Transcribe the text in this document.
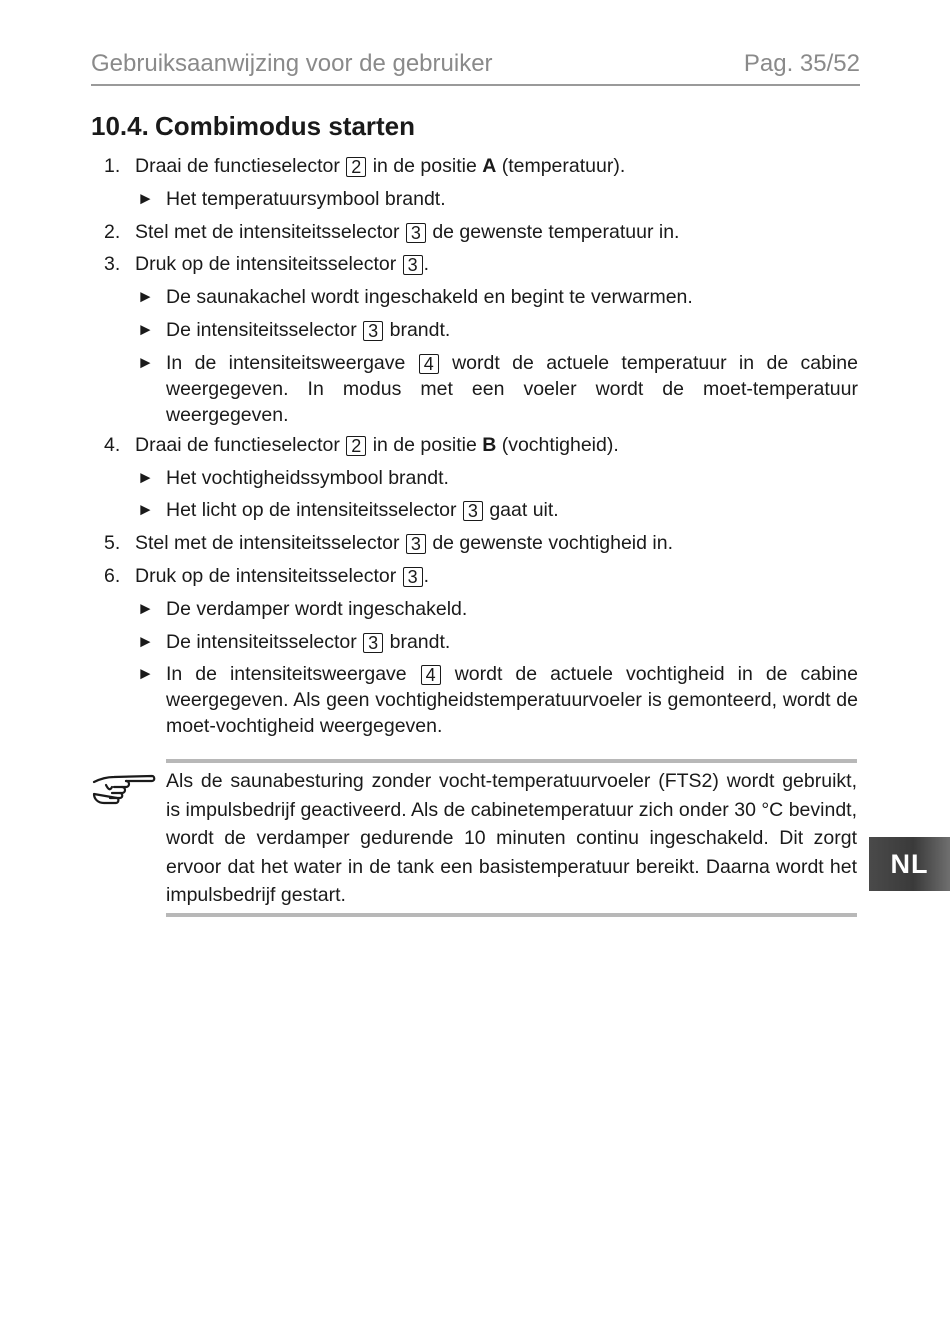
Gebruiksaanwijzing voor de gebruiker	Pag. 35/52
10.4. Combimodus starten
1. Draai de functieselector 2 in de positie A (temperatuur).
► Het temperatuursymbool brandt.
2. Stel met de intensiteitsselector 3 de gewenste temperatuur in.
3. Druk op de intensiteitsselector 3 .
► De saunakachel wordt ingeschakeld en begint te verwarmen.
► De intensiteitsselector 3 brandt.
► In de intensiteitsweergave 4 wordt de actuele temperatuur in de cabine weergegeven. In modus met een voeler wordt de moet-temperatuur weergegeven.
4. Draai de functieselector 2 in de positie B (vochtigheid).
► Het vochtigheidssymbool brandt.
► Het licht op de intensiteitsselector 3 gaat uit.
5. Stel met de intensiteitsselector 3 de gewenste vochtigheid in.
6. Druk op de intensiteitsselector 3 .
► De verdamper wordt ingeschakeld.
► De intensiteitsselector 3 brandt.
► In de intensiteitsweergave 4 wordt de actuele vochtigheid in de cabine weergegeven. Als geen vochtigheidstemperatuurvoeler is gemonteerd, wordt de moet-vochtigheid weergegeven.
Als de saunabesturing zonder vocht-temperatuurvoeler (FTS2) wordt gebruikt, is impulsbedrijf geactiveerd. Als de cabinetemperatuur zich onder 30 °C bevindt, wordt de verdamper gedurende 10 minuten continu ingeschakeld. Dit zorgt ervoor dat het water in de tank een basistemperatuur bereikt. Daarna wordt het impulsbedrijf gestart.
NL
